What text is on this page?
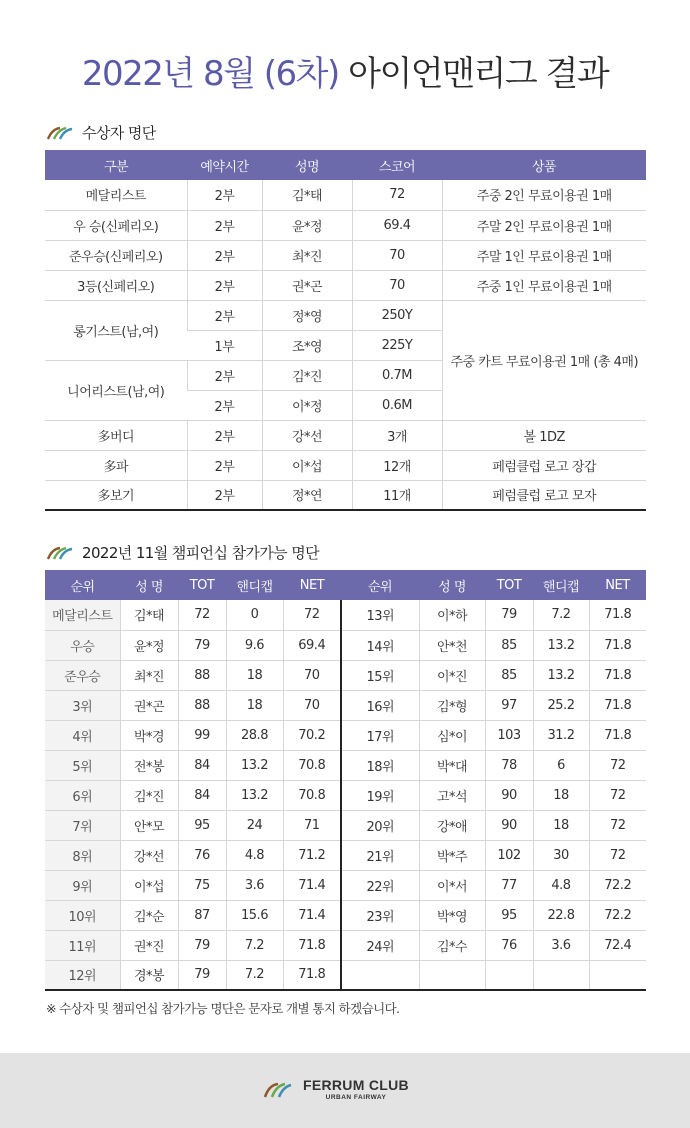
2022년 8월 (6차) 아이언맨리그 결과
수상자 명단
구분	예약시간	성명	스코어	상품
메달리스트	2부	김*태	72	주중 2인 무료이용권 1매
우 승(신페리오)	2부	윤*정	69.4	주말 2인 무료이용권 1매
준우승(신페리오)	2부	최*진	70	주말 1인 무료이용권 1매
3등(신페리오)	2부	권*곤	70	주중 1인 무료이용권 1매
롱기스트(남,여)	2부	정*영	250Y	주중 카트 무료이용권 1매 (총 4매)
	1부	조*영	225Y	
니어리스트(남,여)	2부	김*진	0.7M	
	2부	이*정	0.6M	
多버디	2부	강*선	3개	볼 1DZ
多파	2부	이*섭	12개	페럼클럽 로고 장갑
多보기	2부	정*연	11개	페럼클럽 로고 모자
2022년 11월 챔피언십 참가가능 명단
순위	성 명	TOT	핸디캡	NET	순위	성 명	TOT	핸디캡	NET
메달리스트	김*태	72	0	72	13위	이*하	79	7.2	71.8
우승	윤*정	79	9.6	69.4	14위	안*천	85	13.2	71.8
준우승	최*진	88	18	70	15위	이*진	85	13.2	71.8
3위	권*곤	88	18	70	16위	김*형	97	25.2	71.8
4위	박*경	99	28.8	70.2	17위	심*이	103	31.2	71.8
5위	전*봉	84	13.2	70.8	18위	박*대	78	6	72
6위	김*진	84	13.2	70.8	19위	고*석	90	18	72
7위	안*모	95	24	71	20위	강*애	90	18	72
8위	강*선	76	4.8	71.2	21위	박*주	102	30	72
9위	이*섭	75	3.6	71.4	22위	이*서	77	4.8	72.2
10위	김*순	87	15.6	71.4	23위	박*영	95	22.8	72.2
11위	권*진	79	7.2	71.8	24위	김*수	76	3.6	72.4
12위	경*봉	79	7.2	71.8					
※ 수상자 및 챔피언십 참가가능 명단은 문자로 개별 통지 하겠습니다.
FERRUM CLUB
URBAN FAIRWAY
